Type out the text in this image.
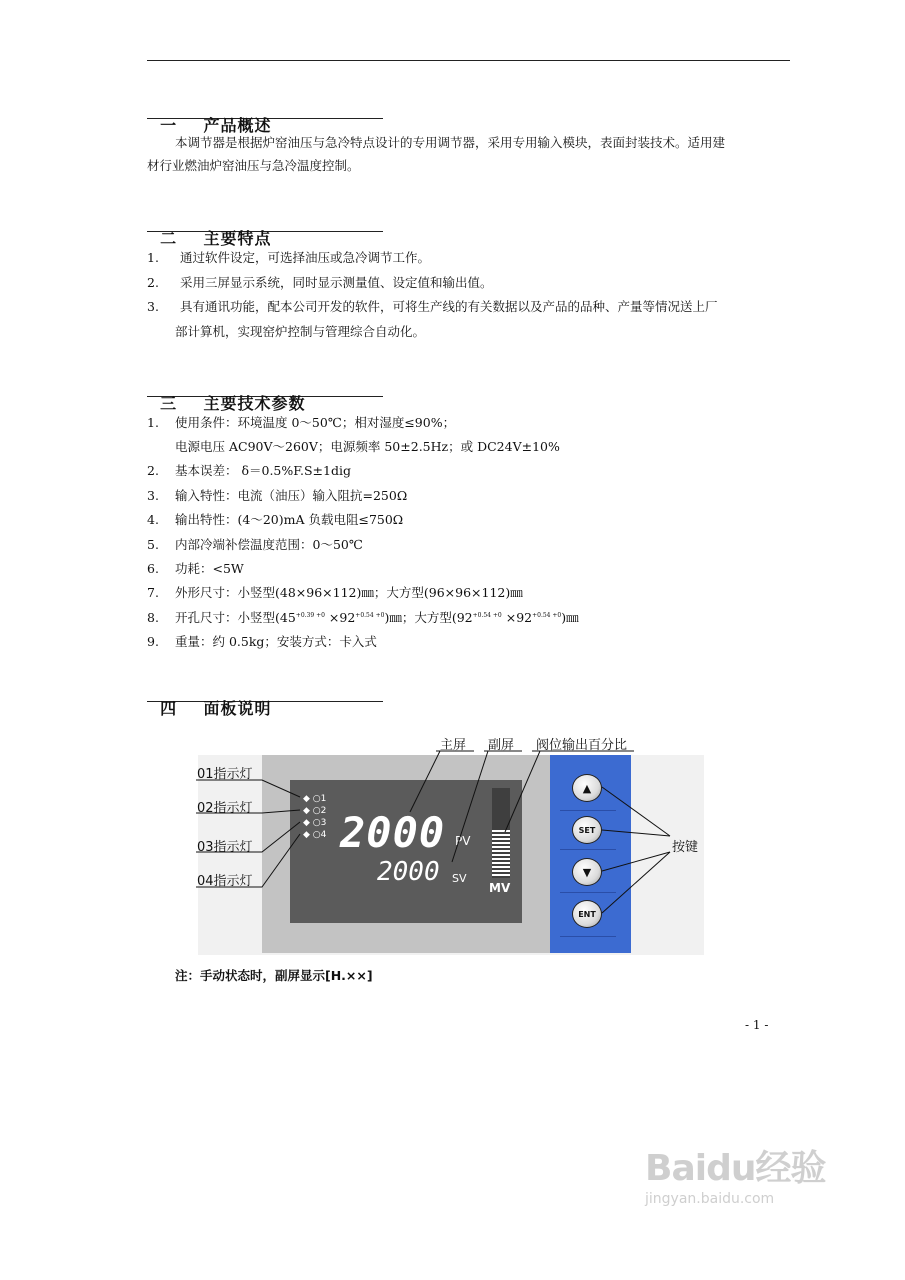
一 产品概述

本调节器是根据炉窑油压与急冷特点设计的专用调节器，采用专用输入模块，表面封装技术。适用建
材行业燃油炉窑油压与急冷温度控制。

二 主要特点

1. 通过软件设定，可选择油压或急冷调节工作。
2. 采用三屏显示系统，同时显示测量值、设定值和输出值。
3. 具有通讯功能，配本公司开发的软件，可将生产线的有关数据以及产品的品种、产量等情况送上厂
部计算机，实现窑炉控制与管理综合自动化。

三 主要技术参数

1. 使用条件：环境温度 0～50℃；相对湿度≤90%；
电源电压 AC90V～260V；电源频率 50±2.5Hz；或 DC24V±10%
2. 基本误差： δ＝0.5%F.S±1dig
3. 输入特性：电流（油压）输入阻抗=250Ω
4. 输出特性：(4～20)mA 负载电阻≤750Ω
5. 内部冷端补偿温度范围：0～50℃
6. 功耗：<5W
7. 外形尺寸：小竖型(48×96×112)㎜；大方型(96×96×112)㎜
8. 开孔尺寸：小竖型($45^{+0.39 +0}$ $\times 92^{+0.54 +0})㎜$；大方型($92^{+0.54 +0}$ $\times 92^{+0.54 +0})㎜$
9. 重量：约 0.5kg；安装方式：卡入式

四 面板说明

◆ ○1
◆ ○2
◆ ○3
◆ ○4 2000 PV
2000 SV
MV
▲
SET
▼
ENT
主屏 副屏 阀位输出百分比
01指示灯
02指示灯
03指示灯
04指示灯
按键
注：手动状态时，副屏显示[H.××]
- 1 -
Baidu经验
jingyan.baidu.com
